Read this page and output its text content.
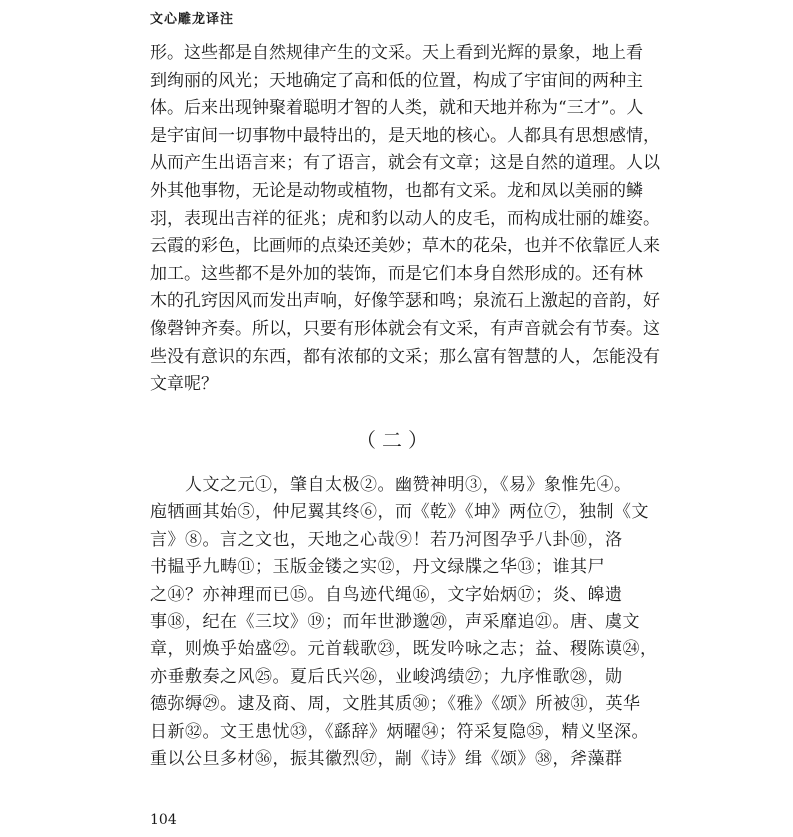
文心雕龙译注
形。这些都是自然规律产生的文采。天上看到光辉的景象，地上看
到绚丽的风光；天地确定了高和低的位置，构成了宇宙间的两种主
体。后来出现钟聚着聪明才智的人类，就和天地并称为“三才”。人
是宇宙间一切事物中最特出的，是天地的核心。人都具有思想感情，
从而产生出语言来；有了语言，就会有文章；这是自然的道理。人以
外其他事物，无论是动物或植物，也都有文采。龙和凤以美丽的鳞
羽，表现出吉祥的征兆；虎和豹以动人的皮毛，而构成壮丽的雄姿。
云霞的彩色，比画师的点染还美妙；草木的花朵，也并不依靠匠人来
加工。这些都不是外加的装饰，而是它们本身自然形成的。还有林
木的孔窍因风而发出声响，好像竽瑟和鸣；泉流石上激起的音韵，好
像磬钟齐奏。所以，只要有形体就会有文采，有声音就会有节奏。这
些没有意识的东西，都有浓郁的文采；那么富有智慧的人，怎能没有
文章呢？
（二）
　　人文之元①，肇自太极②。幽赞神明③，《易》象惟先④。
庖牺画其始⑤，仲尼翼其终⑥，而《乾》《坤》两位⑦，独制《文
言》⑧。言之文也，天地之心哉⑨！若乃河图孕乎八卦⑩，洛
书韫乎九畴⑪；玉版金镂之实⑫，丹文绿牒之华⑬；谁其尸
之⑭？亦神理而已⑮。自鸟迹代绳⑯，文字始炳⑰；炎、皞遗
事⑱，纪在《三坟》⑲；而年世渺邈⑳，声采靡追㉑。唐、虞文
章，则焕乎始盛㉒。元首载歌㉓，既发吟咏之志；益、稷陈谟㉔，
亦垂敷奏之风㉕。夏后氏兴㉖，业峻鸿绩㉗；九序惟歌㉘，勋
德弥缛㉙。逮及商、周，文胜其质㉚；《雅》《颂》所被㉛，英华
日新㉜。文王患忧㉝，《繇辞》炳曜㉞；符采复隐㉟，精义坚深。
重以公旦多材㊱，振其徽烈㊲，剬《诗》缉《颂》㊳，斧藻群
104
